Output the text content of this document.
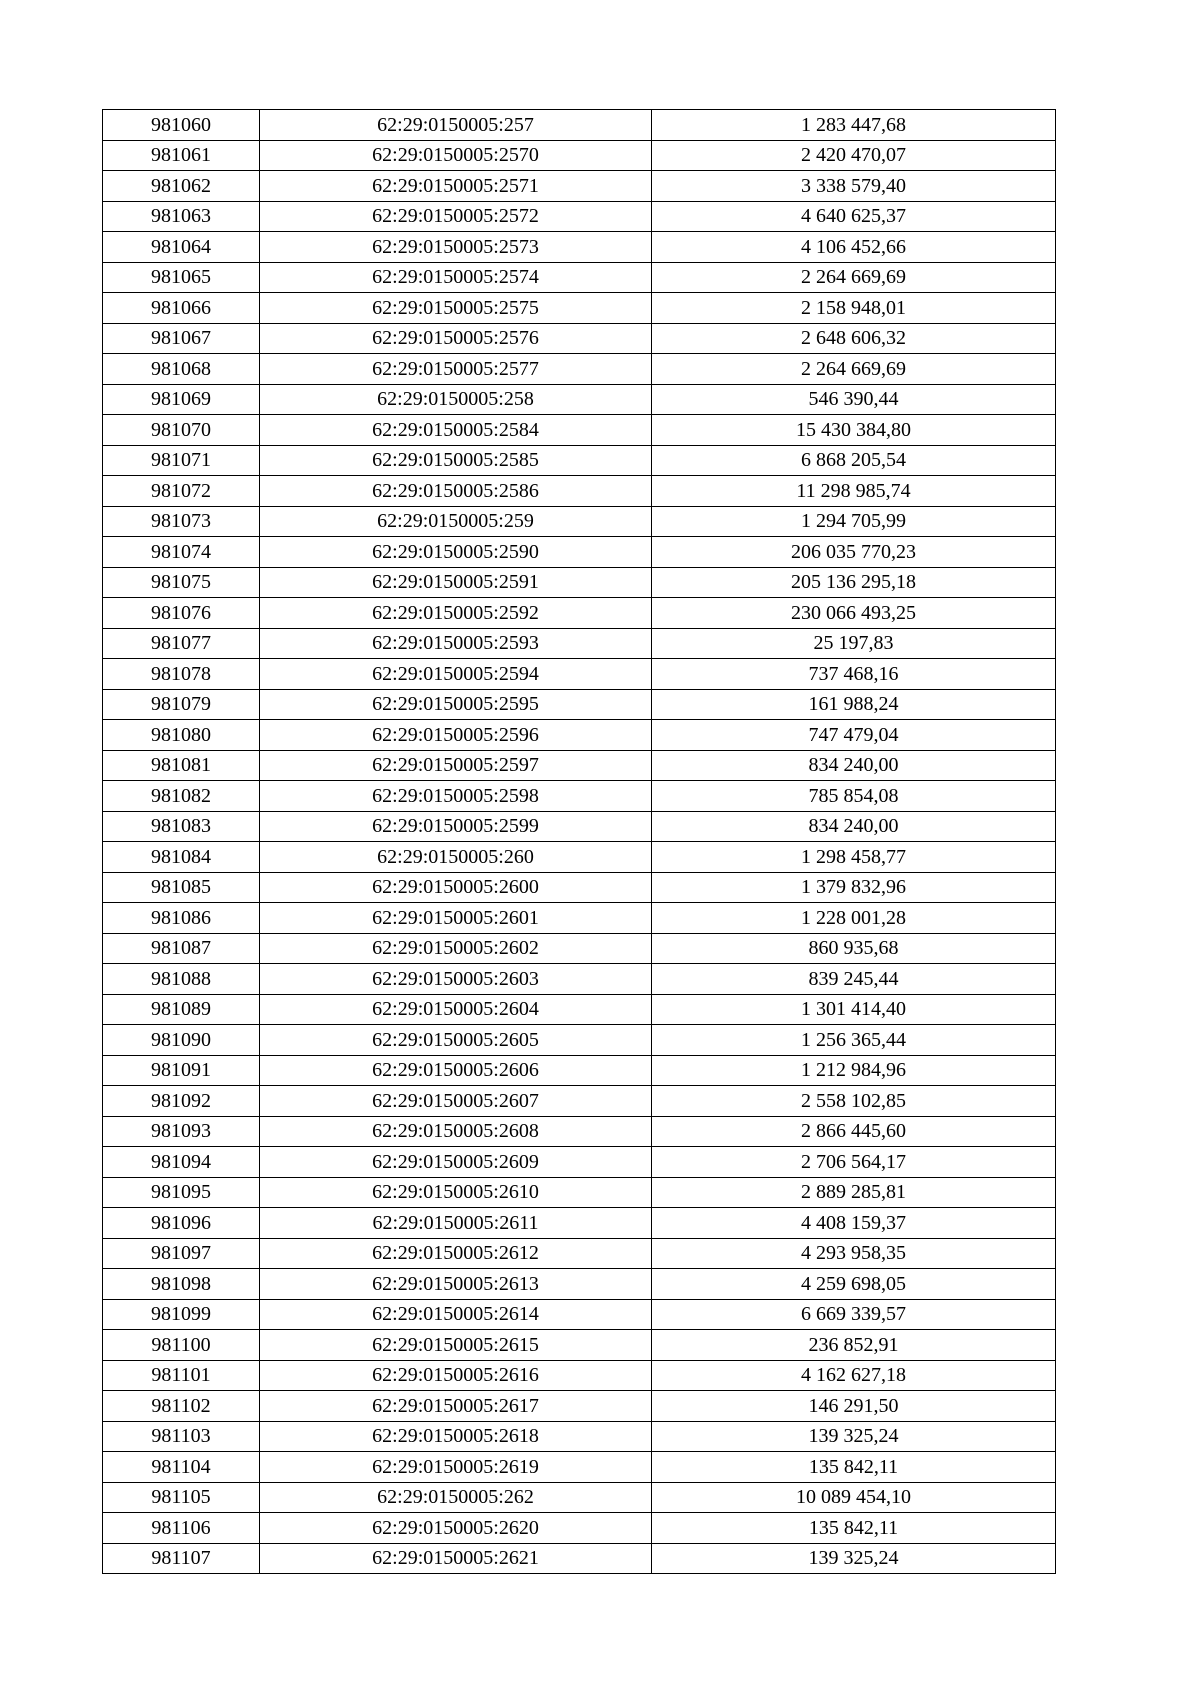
981060	62:29:0150005:257	1 283 447,68
981061	62:29:0150005:2570	2 420 470,07
981062	62:29:0150005:2571	3 338 579,40
981063	62:29:0150005:2572	4 640 625,37
981064	62:29:0150005:2573	4 106 452,66
981065	62:29:0150005:2574	2 264 669,69
981066	62:29:0150005:2575	2 158 948,01
981067	62:29:0150005:2576	2 648 606,32
981068	62:29:0150005:2577	2 264 669,69
981069	62:29:0150005:258	546 390,44
981070	62:29:0150005:2584	15 430 384,80
981071	62:29:0150005:2585	6 868 205,54
981072	62:29:0150005:2586	11 298 985,74
981073	62:29:0150005:259	1 294 705,99
981074	62:29:0150005:2590	206 035 770,23
981075	62:29:0150005:2591	205 136 295,18
981076	62:29:0150005:2592	230 066 493,25
981077	62:29:0150005:2593	25 197,83
981078	62:29:0150005:2594	737 468,16
981079	62:29:0150005:2595	161 988,24
981080	62:29:0150005:2596	747 479,04
981081	62:29:0150005:2597	834 240,00
981082	62:29:0150005:2598	785 854,08
981083	62:29:0150005:2599	834 240,00
981084	62:29:0150005:260	1 298 458,77
981085	62:29:0150005:2600	1 379 832,96
981086	62:29:0150005:2601	1 228 001,28
981087	62:29:0150005:2602	860 935,68
981088	62:29:0150005:2603	839 245,44
981089	62:29:0150005:2604	1 301 414,40
981090	62:29:0150005:2605	1 256 365,44
981091	62:29:0150005:2606	1 212 984,96
981092	62:29:0150005:2607	2 558 102,85
981093	62:29:0150005:2608	2 866 445,60
981094	62:29:0150005:2609	2 706 564,17
981095	62:29:0150005:2610	2 889 285,81
981096	62:29:0150005:2611	4 408 159,37
981097	62:29:0150005:2612	4 293 958,35
981098	62:29:0150005:2613	4 259 698,05
981099	62:29:0150005:2614	6 669 339,57
981100	62:29:0150005:2615	236 852,91
981101	62:29:0150005:2616	4 162 627,18
981102	62:29:0150005:2617	146 291,50
981103	62:29:0150005:2618	139 325,24
981104	62:29:0150005:2619	135 842,11
981105	62:29:0150005:262	10 089 454,10
981106	62:29:0150005:2620	135 842,11
981107	62:29:0150005:2621	139 325,24
